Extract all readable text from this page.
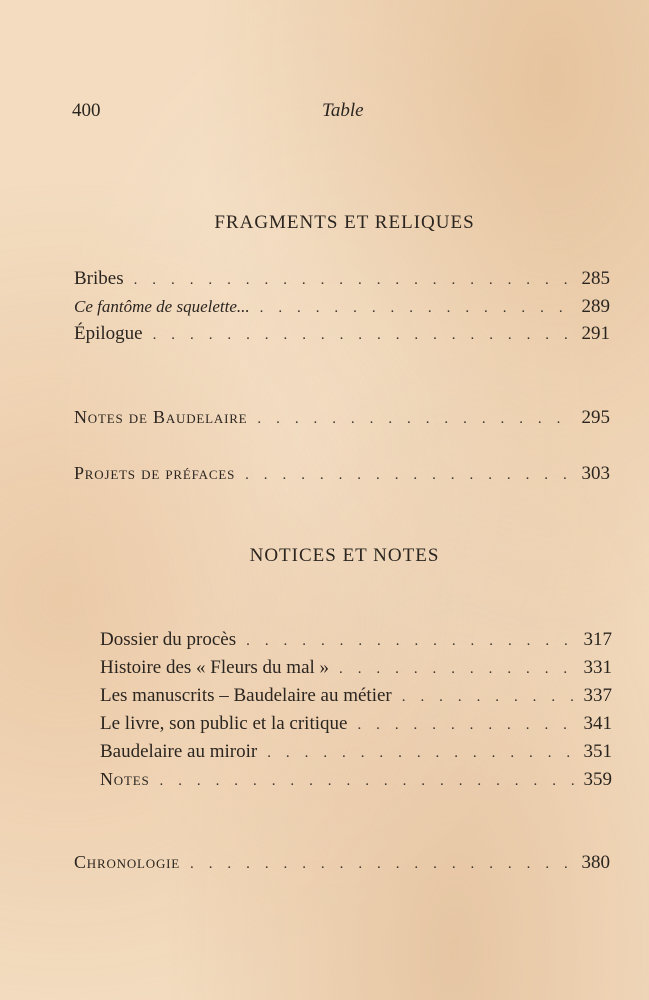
400	Table
FRAGMENTS ET RELIQUES
Bribes . . .	285
Ce fantôme de squelette... . . .	289
Épilogue . . .	291
Notes de Baudelaire . . .	295
Projets de préfaces . . .	303
NOTICES ET NOTES
Dossier du procès . . .	317
Histoire des « Fleurs du mal » . . .	331
Les manuscrits – Baudelaire au métier . . .	337
Le livre, son public et la critique . . .	341
Baudelaire au miroir . . .	351
Notes . . .	359
Chronologie . . .	380
